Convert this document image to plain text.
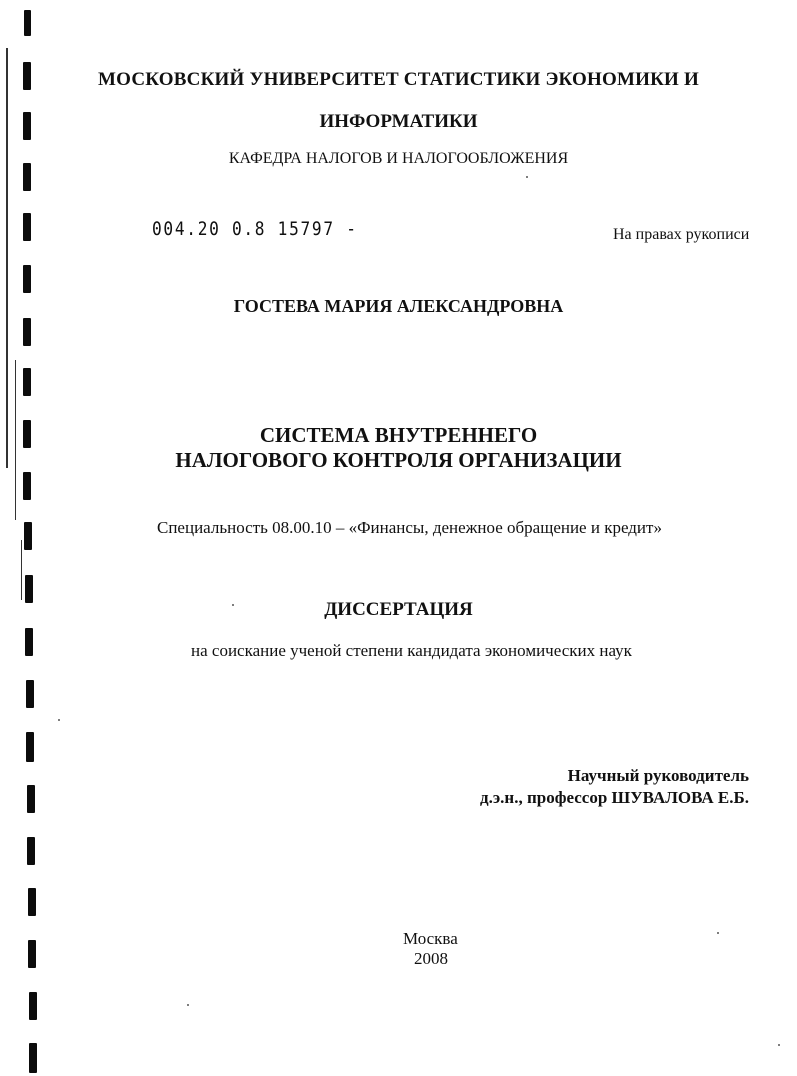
МОСКОВСКИЙ УНИВЕРСИТЕТ СТАТИСТИКИ ЭКОНОМИКИ И
ИНФОРМАТИКИ
КАФЕДРА НАЛОГОВ И НАЛОГООБЛОЖЕНИЯ
004.20 0.8 15797 -	На правах рукописи
ГОСТЕВА МАРИЯ АЛЕКСАНДРОВНА
СИСТЕМА ВНУТРЕННЕГО
НАЛОГОВОГО КОНТРОЛЯ ОРГАНИЗАЦИИ
Специальность 08.00.10 – «Финансы, денежное обращение и кредит»
ДИССЕРТАЦИЯ
на соискание ученой степени кандидата экономических наук
Научный руководитель
д.э.н., профессор ШУВАЛОВА Е.Б.
Москва
2008
